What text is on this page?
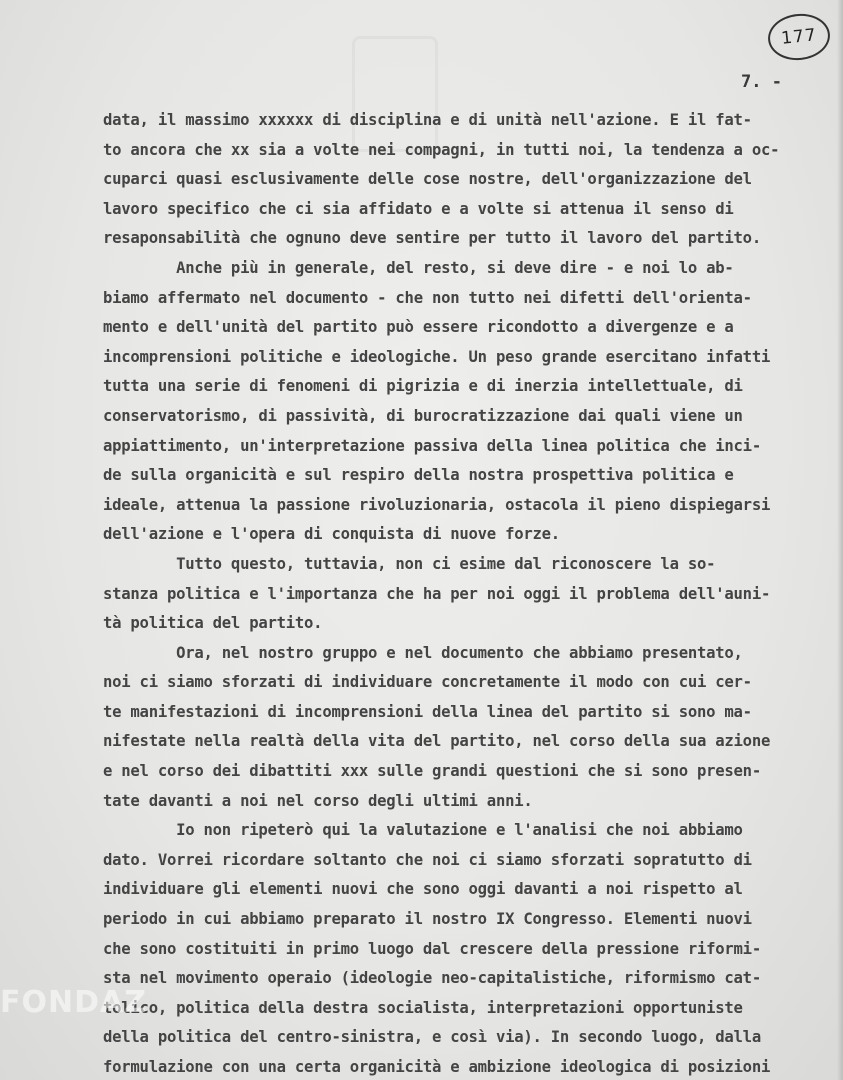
177
7. -
data, il massimo xxxxxx di disciplina e di unità nell'azione. E il fat-
to ancora che xx sia a volte nei compagni, in tutti noi, la tendenza a oc-
cuparci quasi esclusivamente delle cose nostre, dell'organizzazione del
lavoro specifico che ci sia affidato e a volte si attenua il senso di
resaponsabilità che ognuno deve sentire per tutto il lavoro del partito.
Anche più in generale, del resto, si deve dire - e noi lo ab-
biamo affermato nel documento - che non tutto nei difetti dell'orienta-
mento e dell'unità del partito può essere ricondotto a divergenze e a
incomprensioni politiche e ideologiche. Un peso grande esercitano infatti
tutta una serie di fenomeni di pigrizia e di inerzia intellettuale, di
conservatorismo, di passività, di burocratizzazione dai quali viene un
appiattimento, un'interpretazione passiva della linea politica che inci-
de sulla organicità e sul respiro della nostra prospettiva politica e
ideale, attenua la passione rivoluzionaria, ostacola il pieno dispiegarsi
dell'azione e l'opera di conquista di nuove forze.
Tutto questo, tuttavia, non ci esime dal riconoscere la so-
stanza politica e l'importanza che ha per noi oggi il problema dell'auni-
tà politica del partito.
Ora, nel nostro gruppo e nel documento che abbiamo presentato,
noi ci siamo sforzati di individuare concretamente il modo con cui cer-
te manifestazioni di incomprensioni della linea del partito si sono ma-
nifestate nella realtà della vita del partito, nel corso della sua azione
e nel corso dei dibattiti xxx sulle grandi questioni che si sono presen-
tate davanti a noi nel corso degli ultimi anni.
Io non ripeterò qui la valutazione e l'analisi che noi abbiamo
dato. Vorrei ricordare soltanto che noi ci siamo sforzati sopratutto di
individuare gli elementi nuovi che sono oggi davanti a noi rispetto al
periodo in cui abbiamo preparato il nostro IX Congresso. Elementi nuovi
che sono costituiti in primo luogo dal crescere della pressione riformi-
sta nel movimento operaio (ideologie neo-capitalistiche, riformismo cat-
tolico, politica della destra socialista, interpretazioni opportuniste
della politica del centro-sinistra, e così via). In secondo luogo, dalla
formulazione con una certa organicità e ambizione ideologica di posizioni
FONDAZ
